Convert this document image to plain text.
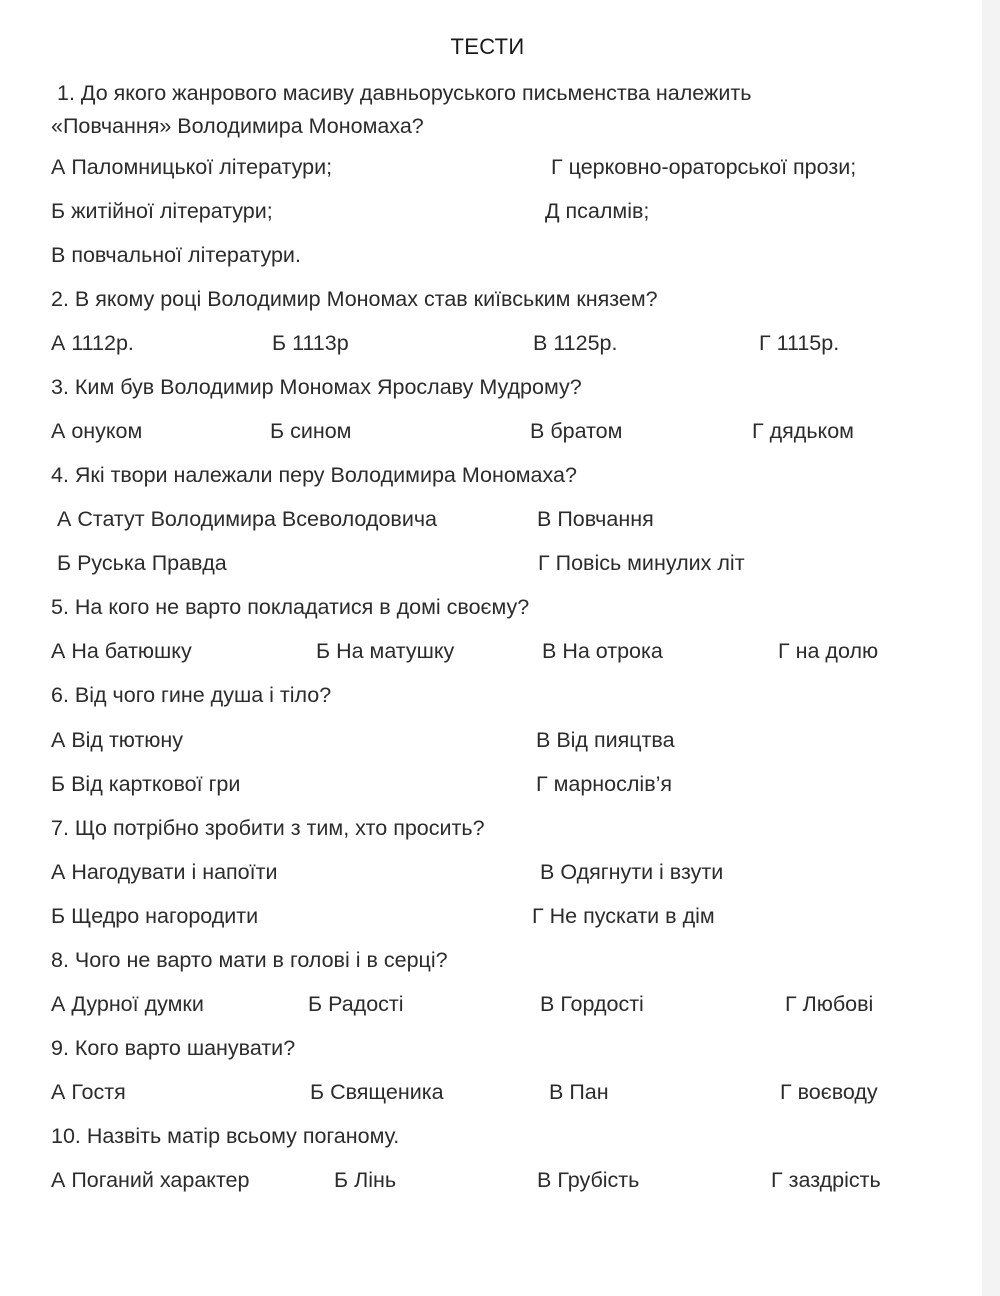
ТЕСТИ
1. До якого жанрового масиву давньоруського письменства належить
«Повчання» Володимира Мономаха?
А Паломницької літератури;	Г церковно-ораторської прози;
Б житійної літератури;	Д псалмів;
В повчальної літератури.
2. В якому році Володимир Мономах став київським князем?
А 1112р.	Б 1113р	В 1125р.	Г 1115р.
3. Ким був Володимир Мономах Ярославу Мудрому?
А онуком	Б сином	В братом	Г дядьком
4. Які твори належали перу Володимира Мономаха?
А Статут Володимира Всеволодовича	В Повчання
Б Руська Правда	Г Повісь минулих літ
5. На кого не варто покладатися в домі своєму?
А На батюшку	Б На матушку	В На отрока	Г на долю
6. Від чого гине душа і тіло?
А Від тютюну	В Від пияцтва
Б Від карткової гри	Г марнослів’я
7. Що потрібно зробити з тим, хто просить?
А Нагодувати і напоїти	В Одягнути і взути
Б Щедро нагородити	Г Не пускати в дім
8. Чого не варто мати в голові і в серці?
А Дурної думки	Б Радості	В Гордості	Г Любові
9. Кого варто шанувати?
А Гостя	Б Священика	В Пан	Г воєводу
10. Назвіть матір всьому поганому.
А Поганий характер	Б Лінь	В Грубість	Г заздрість
